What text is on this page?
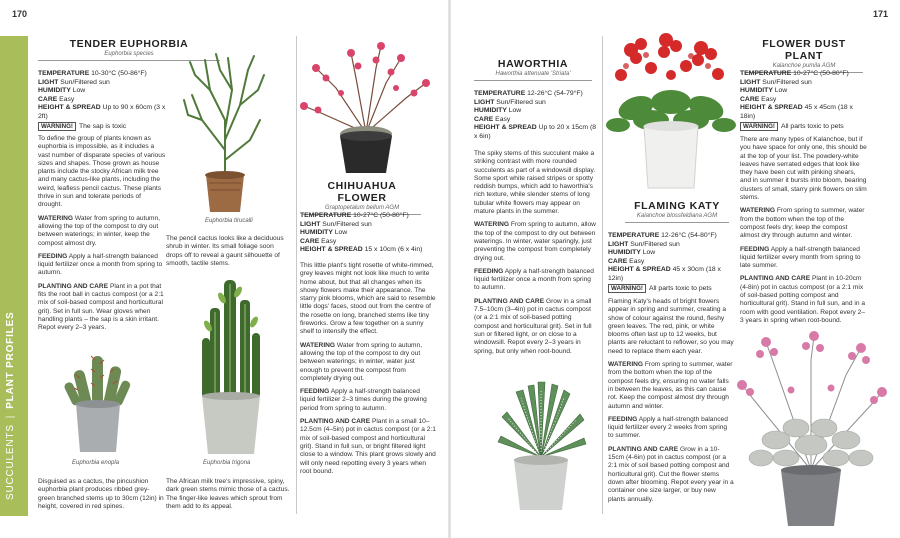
170	171
SUCCULENTS|PLANT PROFILES
TENDER EUPHORBIA
Euphorbia species
TEMPERATURE 10-30°C (50-86°F)
LIGHT Sun/Filtered sun
HUMIDITY Low
CARE Easy
HEIGHT & SPREAD Up to 90 x 60cm (3 x 2ft)
WARNING! The sap is toxic

To define the group of plants known as euphorbia is impossible, as it includes a vast number of disparate species of various sizes and shapes. Those grown as house plants include the stocky African milk tree and many cactus-like plants, including the weird, leafless pencil cactus. These plants thrive in sun and tolerate periods of drought.

WATERING Water from spring to autumn, allowing the top of the compost to dry out between waterings; in winter, keep the compost almost dry.

FEEDING Apply a half-strength balanced liquid fertilizer once a month from spring to autumn.

PLANTING AND CARE Plant in a pot that fits the root ball in cactus compost (or a 2:1 mix of soil-based compost and horticultural grit). Set in full sun. Wear gloves when handling plants – the sap is a skin irritant. Repot every 2–3 years.

Euphorbia tirucalli
The pencil cactus looks like a deciduous shrub in winter. Its small foliage soon drops off to reveal a gaunt silhouette of smooth, tactile stems.
Euphorbia enopla
Disguised as a cactus, the pincushion euphorbia plant produces ribbed grey-green branched stems up to 30cm (12in) in height, covered in red spines.
Euphorbia trigona
The African milk tree's impressive, spiny, dark green stems mimic those of a cactus. The finger-like leaves which sprout from them add to its appeal.
CHIHUAHUA FLOWER
Graptopetalum bellum AGM
TEMPERATURE 10-27°C (50-80°F)
LIGHT Sun/Filtered sun
HUMIDITY Low
CARE Easy
HEIGHT & SPREAD 15 x 10cm (6 x 4in)

This little plant's tight rosette of white-rimmed, grey leaves might not look like much to write home about, but that all changes when its showy flowers make their appearance. The starry pink blooms, which are said to resemble little dogs' faces, stood out from the centre of the rosette on long, branched stems like tiny fireworks. Grow a few together on a sunny shelf to intensify the effect.

WATERING Water from spring to autumn, allowing the top of the compost to dry out between waterings; in winter, water just enough to prevent the compost from completely drying out.

FEEDING Apply a half-strength balanced liquid fertilizer 2–3 times during the growing period from spring to autumn.

PLANTING AND CARE Plant in a small 10–12.5cm (4–5in) pot in cactus compost (or a 2:1 mix of soil-based compost and horticultural grit). Stand in full sun, or bright filtered light close to a window. This plant grows slowly and will only need repotting every 3 years when root bound.

HAWORTHIA
Haworthia attenuate 'Striata'
TEMPERATURE 12-26°C (54-79°F)
LIGHT Sun/Filtered sun
HUMIDITY Low
CARE Easy
HEIGHT & SPREAD Up to 20 x 15cm (8 x 6in)

The spiky stems of this succulent make a striking contrast with more rounded succulents as part of a windowsill display. Some sport white raised stripes or spotty reddish bumps, which add to haworthia's rich texture, while slender stems of long tubular white flowers may appear on mature plants in the summer.

WATERING From spring to autumn, allow the top of the compost to dry out between waterings. In winter, water sparingly, just preventing the compost from completely drying out.

FEEDING Apply a half-strength balanced liquid fertilizer once a month from spring to autumn.

PLANTING AND CARE Grow in a small 7.5–10cm (3–4in) pot in cactus compost (or a 2:1 mix of soil-based potting compost and horticultural grit). Set in full sun or filtered light, or on close to a windowsill. Repot every 2–3 years in spring, but only when root-bound.

FLAMING KATY
Kalanchoe blossfeldiana AGM
TEMPERATURE 12-26°C (54-80°F)
LIGHT Sun/Filtered sun
HUMIDITY Low
CARE Easy
HEIGHT & SPREAD 45 x 30cm (18 x 12in)
WARNING! All parts toxic to pets

Flaming Katy's heads of bright flowers appear in spring and summer, creating a show of colour against the round, fleshy green leaves. The red, pink, or white blooms often last up to 12 weeks, but plants are reluctant to reflower, so you may need to replace them each year.

WATERING From spring to summer, water from the bottom when the top of the compost feels dry, ensuring no water falls in between the leaves, as this can cause rot. Keep the compost almost dry through autumn and winter.

FEEDING Apply a half-strength balanced liquid fertilizer every 2 weeks from spring to summer.

PLANTING AND CARE Grow in a 10-15cm (4-6in) pot in cactus compost (or a 2:1 mix of soil based potting compost and horticultural grit). Cut the flower stems down after blooming. Repot every year in a container one size larger, or buy new plants annually.

FLOWER DUST PLANT
Kalanchoe pumila AGM
TEMPERATURE 10-27°C (50-80°F)
LIGHT Sun/Filtered sun
HUMIDITY Low
CARE Easy
HEIGHT & SPREAD 45 x 45cm (18 x 18in)
WARNING! All parts toxic to pets

There are many types of Kalanchoe, but if you have space for only one, this should be at the top of your list. The powdery-white leaves have serrated edges that look like they have been cut with pinking shears, and in summer it bursts into bloom, bearing clusters of small, starry pink flowers on slim stems.

WATERING From spring to summer, water from the bottom when the top of the compost feels dry; keep the compost almost dry through autumn and winter.

FEEDING Apply a half-strength balanced liquid fertilizer every month from spring to late summer.

PLANTING AND CARE Plant in 10-20cm (4-8in) pot in cactus compost (or a 2:1 mix of soil-based potting compost and horticultural grit). Stand in full sun, and in a room with good ventilation. Repot every 2–3 years in spring when root-bound.
